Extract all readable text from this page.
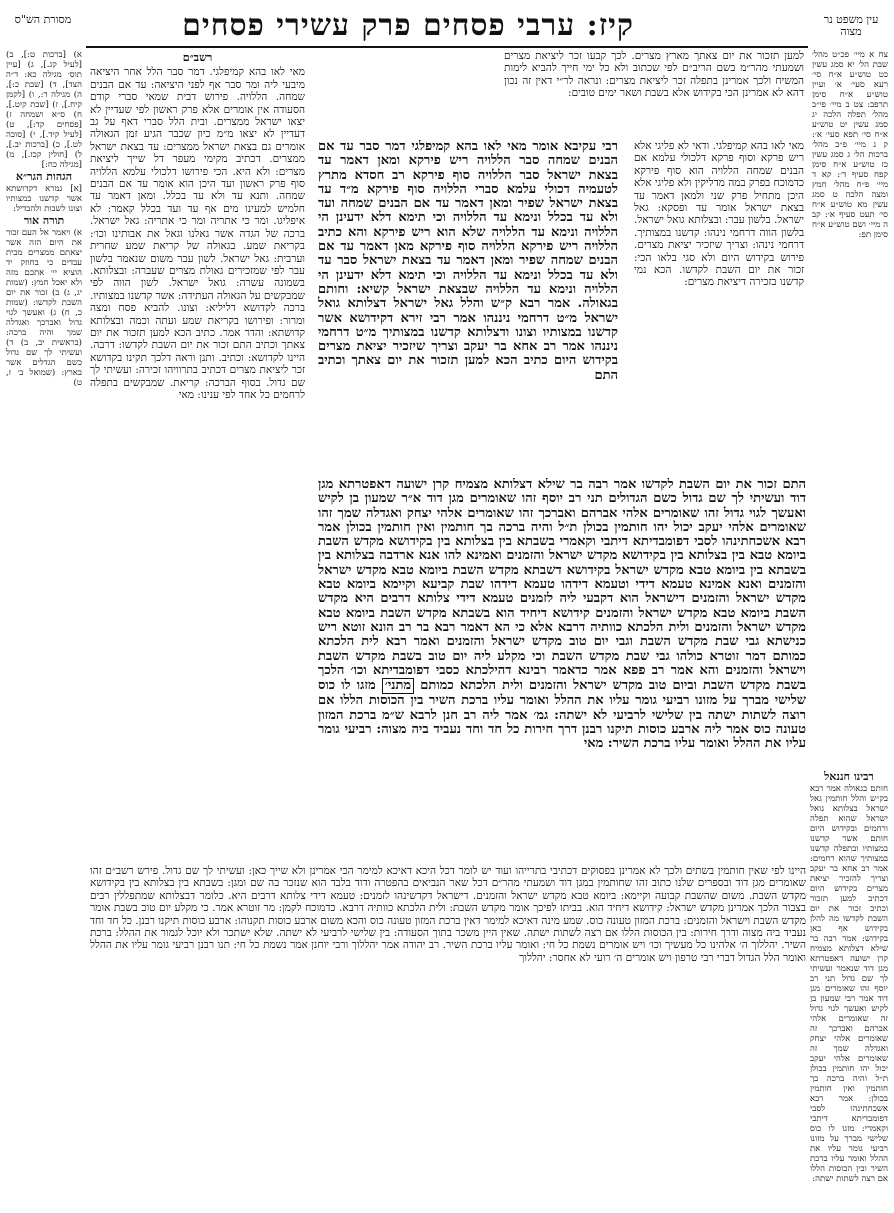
עין משפט נר מצוה
קיז: ערבי פסחים פרק עשירי פסחים
מסורת הש"ס
צח א מיי׳ פכ״ט מהל׳ שבת הל׳ יא סמג עשין כט טוש״ע א״ח סי׳ רעא סעי׳ א׳ ועיין טוש״ע א״ח סימן תרפב: צט ב מיי׳ פי״ב מהל׳ תפלה הלכה יג סמג עשין יט טוש״ע א״ח סי׳ תפא סעי׳ א׳: ק ג מיי׳ פ״ב מהל׳ ברכות הל׳ ג סמג עשין כז טוש״ע א״ח סימן קפח סעיף ד׳: קא ד מיי׳ פ״ח מהל׳ חמץ ומצה הלכה ט סמג עשין מא טוש״ע א״ח סי׳ תעט סעיף א׳: קב ה מיי׳ ושם טוש״ע א״ח סימן תפ:
א) [ברכות ט:], ב) [לעיל קג.], ג) [עיין תוס׳ מגילה כא: ד״ה הצד], ד) [שבת כ:], ה) מגילה ד:, ו) [לקמן קיח.], ז) [שבת קיט.], ח) ס״א ושמחה ז) [פסחים קד:], ט) [לעיל קיד.], י) [סוכה לט.], כ) [ברכות יב.], ל) [חולין קכז.], מ) [מגילה כח:]
הגהות הגר״א
[א] גמרא דקדושתא אשר קדשנו במצותיו וצונו לשבות ולהבדיל:
תורה אור
א) ויאמר אל העם זכור את היום הזה אשר יצאתם ממצרים מבית עבדים כי בחוזק יד הוציא יי׳ אתכם מזה ולא יאכל חמץ: (שמות יג, ג) ב) זכור את יום השבת לקדשו: (שמות כ, ח) ג) ואעשך לגוי גדול ואברכך ואגדלה שמך והיה ברכה: (בראשית יב, ב) ד) ועשיתי לך שם גדול כשם הגדלים אשר בארץ: (שמואל ב׳ ז, ט)
למען תזכור את יום צאתך מארץ מצרים. לכך קבעו זכר ליציאת מצרים ושמעתי מהר״מ בשם הריב״ם לפי שכתוב ולא כל ימי חייך להביא לימות המשיח ולכך אמרינן בתפלה זכר ליציאת מצרים: ונראה לר״י דאין זה נכון דהא לא אמרינן הכי בקידוש אלא בשבת ושאר ימים טובים:
רשב״ם
מאי לאו בהא קמיפלגי. דמר סבר הלל אחר היציאה מיבעי ליה ומר סבר אף לפני היציאה: עד אם הבנים שמחה. הללויה. פירוש דבית שמאי סברי קודם הסעודה אין אומרים אלא פרק ראשון לפי שעדיין לא יצאו ישראל ממצרים. ובית הלל סברי דאף על גב דעדיין לא יצאו מ״מ כיון שכבר הגיע זמן הגאולה אומרים גם בצאת ישראל ממצרים: עד בצאת ישראל ממצרים. דכתיב מקימי מעפר דל שייך ליציאת מצרים: ולא היא. הכי פירושו דלכולי עלמא הללויה סוף פרק ראשון ועד היכן הוא אומר עד אם הבנים שמחה. ותנא עד ולא עד בכלל. ומאן דאמר עד חלמיש למעינו מים אף עד ועד בכלל קאמר: לא איפליגו. ומר כי אתריה ומר כי אתריה: גאל ישראל. ברכה של הגדה אשר גאלנו וגאל את אבותינו וכו׳: בקריאת שמע. בגאולה של קריאת שמע שחרית וערבית: גאל ישראל. לשון עבר משום שנאמר בלשון עבר לפי שמזכירים גאולת מצרים שעברה: ובצלותא. בשמונה עשרה: גואל ישראל. לשון הווה לפי שמבקשים על הגאולה העתידה: אשר קדשנו במצותיו. ברכה לקדושא דליליא: וצונו. להביא פסח ומצה ומרור: ופירושו בקריאת שמע ועתה וכמה ובצלותא קדושתא: והדר אמר. כתיב הכא למען תזכור את יום צאתך וכתיב התם זכור את יום השבת לקדשו: דרבה. היינו לקדושא: וכתיב. ותנן וראה דלכך תקינו בקדושא זכר ליציאת מצרים דכתיב בתרוויהו זכירה: ועשיתי לך שם גדול. בסוף הברכה: קריאת. שמבקשים בתפלה לרחמים כל אחד לפי ענינו: מאי
מאי לאו בהא קמיפלגי. ודאי לא פליגי אלא ריש פרקא וסוף פרקא דלכולי עלמא אם הבנים שמחה הללויה הוא סוף פירקא כדמוכח בפרק במה מדליקין ולא פליגי אלא היכן מתחיל פרק שני ולמאן דאמר עד בצאת ישראל אומר עד ופסקא: גאל ישראל. בלשון עבר: ובצלותא גואל ישראל. בלשון הווה דרחמי נינהו: קדשנו במצותיך. דרחמי נינהו: וצריך שיזכיר יציאת מצרים. פירוש בקידוש היום ולא סגי בלאו הכי: זכור את יום השבת לקדשו. הכא נמי קדשנו בזכירה דיציאת מצרים:
רבי עקיבא אומר מאי לאו בהא קמיפלגי דמר סבר עד אם הבנים שמחה סבר הללויה ריש פירקא ומאן דאמר עד בצאת ישראל סבר הללויה סוף פירקא רב חסדא מתרץ לטעמיה דכולי עלמא סברי הללויה סוף פירקא מ״ד עד בצאת ישראל שפיר ומאן דאמר עד אם הבנים שמחה ועד ולא עד בכלל ונימא עד הללויה וכי תימא דלא ידעינן הי הללויה ונימא עד הללויה שלא הוא ריש פירקא והא כתיב הללויה ריש פירקא הללויה סוף פירקא מאן דאמר עד אם הבנים שמחה שפיר ומאן דאמר עד בצאת ישראל סבר עד ולא עד בכלל ונימא עד הללויה וכי תימא דלא ידעינן הי הללויה ונימא עד הללויה שבצאת ישראל קשיא: וחותם בגאולה. אמר רבא ק״ש והלל גאל ישראל דצלותא גואל ישראל מ״ט דרחמי ניננהו אמר רבי זירא דקידושא אשר קדשנו במצותיו וצונו ודצלותא קדשנו במצותיך מ״ט דרחמי ניננהו אמר רב אחא בר יעקב וצריך שיזכיר יציאת מצרים בקידוש היום כתיב הכא למען תזכור את יום צאתך וכתיב התם
התם זכור את יום השבת לקדשו אמר רבה בר שילא דצלותא מצמיח קרן ישועה דאפטרתא מגן דוד ועשיתי לך שם גדול כשם הגדולים תני רב יוסף זהו שאומרים מגן דוד א״ר שמעון בן לקיש ואעשך לגוי גדול זהו שאומרים אלהי אברהם ואברכך זהו שאומרים אלהי יצחק ואגדלה שמך זהו שאומרים אלהי יעקב יכול יהו חותמין בכולן ת״ל והיה ברכה בך חותמין ואין חותמין בכולן אמר רבא אשכחתינהו לסבי דפומבדיתא דיתבי וקאמרי בשבתא בין בצלותא בין בקידושא מקדש השבת ביומא טבא בין בצלותא בין בקידושא מקדש ישראל והזמנים ואמינא להו אנא ארדבה בצלותא בין בשבתא בין ביומא טבא מקדש ישראל בקידושא דשבתא מקדש השבת ביומא טבא מקדש ישראל והזמנים ואנא אמינא טעמא דידי וטעמא דידהו טעמא דידהו שבת קביעא וקיימא ביומא טבא מקדש ישראל והזמנים דישראל הוא דקבעי ליה לזמנים טעמא דידי צלותא דרבים היא מקדש השבת ביומא טבא מקדש ישראל והזמנים קידושא דיחיד הוא בשבתא מקדש השבת ביומא טבא מקדש ישראל והזמנים ולית הלכתא כוותיה דרבא אלא כי הא דאמר רבא בר רב הונא זוטא ריש כנישתא גבי שבת מקדש השבת וגבי יום טוב מקדש ישראל והזמנים ואמר רבא לית הלכתא כמותם דמר זוטרא כולהו גבי שבת מקדש השבת וכי מקלע ליה יום טוב בשבת מקדש השבת וישראל והזמנים והא אמר רב פפא אמר כדאמר רבינא דהילכתא כסבי דפומבדיתא וכו׳ הלכך בשבת מקדש השבת וביום טוב מקדש ישראל והזמנים ולית הלכתא כמותם מתני׳ מזגו לו כוס שלישי מברך על מזונו רביעי גומר עליו את ההלל ואומר עליו ברכת השיר בין הכוסות הללו אם רוצה לשתות ישתה בין שלישי לרביעי לא ישתה: גמ׳ אמר ליה רב חנן לרבא ש״מ ברכת המזון טעונה כוס אמר ליה ארבע כוסות תיקנו רבנן דרך חירות כל חד וחד נעביד ביה מצוה: רביעי גומר עליו את ההלל ואומר עליו ברכת השיר: מאי
רבינו חננאל
חותם בגאולה אמר רבא בק״ש והלל חותמין גאל ישראל בצלותא גואל ישראל שהוא תפלה ורחמים ובקידוש היום חותם אשר קדשנו במצותיו ובתפלה קדשנו במצותיך שהוא רחמים: אמר רב אחא בר יעקב וצריך להזכיר יציאת מצרים בקידוש היום דכתיב למען תזכור וכתיב זכור את יום השבת לקדשו מה להלן בקידוש אף כאן בקידוש: אמר רבה בר שילא דצלותא מצמיח קרן ישועה דאפטרתא מגן דוד שנאמר ועשיתי לך שם גדול תני רב יוסף זהו שאומרים מגן דוד אמר רבי שמעון בן לקיש ואעשך לגוי גדול זה שאומרים אלהי אברהם ואברכך זה שאומרים אלהי יצחק ואגדלה שמך זה שאומרים אלהי יעקב יכול יהו חותמין בכולן ת״ל והיה ברכה בך חותמין ואין חותמין בכולן: אמר רבא אשכחתינהו לסבי דפומבדיתא דיתבי וקאמרי: מזגו לו כוס שלישי מברך על מזונו רביעי גומר עליו את ההלל ואומר עליו ברכת השיר ובין הכוסות הללו אם רצה לשתות ישתה:
היינו לפי שאין חותמין בשתים ולכך לא אמרינן בפסוקים דכתיבי בתרייהו ועוד יש לומר דכל היכא דאיכא למימר הכי אמרינן ולא שייך כאן: ועשיתי לך שם גדול. פירש רשב״ם זהו שאומרים מגן דוד ובספרים שלנו כתוב זהו שחותמין במגן דוד ושמעתי מהר״ם דכל שאר הנביאים בהפטרה ודוד בלבד הוא שנזכר בה שם ומגן: בשבתא בין בצלותא בין בקידושא מקדש השבת. משום שהשבת קבועה וקיימא: ביומא טבא מקדש ישראל והזמנים. דישראל דקדשינהו לזמנים: טעמא דידי צלותא דרבים היא. כלומר דבצלותא שמתפללין רבים בצבור הלכך אמרינן מקדש ישראל: קידושא דיחיד הוא. בביתו לפיכך אומר מקדש השבת: ולית הלכתא כוותיה דרבא. כדמוכח לקמן: מר זוטרא אמר. כי מקלע יום טוב בשבת אומר מקדש השבת וישראל והזמנים: ברכת המזון טעונה כוס. שמע מינה דאיכא למימר דאין ברכת המזון טעונה כוס והכא משום ארבע כוסות תקנוהו: ארבע כוסות תיקנו רבנן. כל חד וחד נעביד ביה מצוה ודרך חירות: בין הכוסות הללו אם רצה לשתות ישתה. שאין היין משכר בתוך הסעודה: בין שלישי לרביעי לא ישתה. שלא ישתכר ולא יוכל לגמור את ההלל: ברכת השיר. יהללוך ה׳ אלהינו כל מעשיך וכו׳ ויש אומרים נשמת כל חי: ואומר עליו ברכת השיר. רב יהודה אמר יהללוך ורבי יוחנן אמר נשמת כל חי: תנו רבנן רביעי גומר עליו את ההלל ואומר הלל הגדול דברי רבי טרפון ויש אומרים ה׳ רועי לא אחסר: יהללוך
